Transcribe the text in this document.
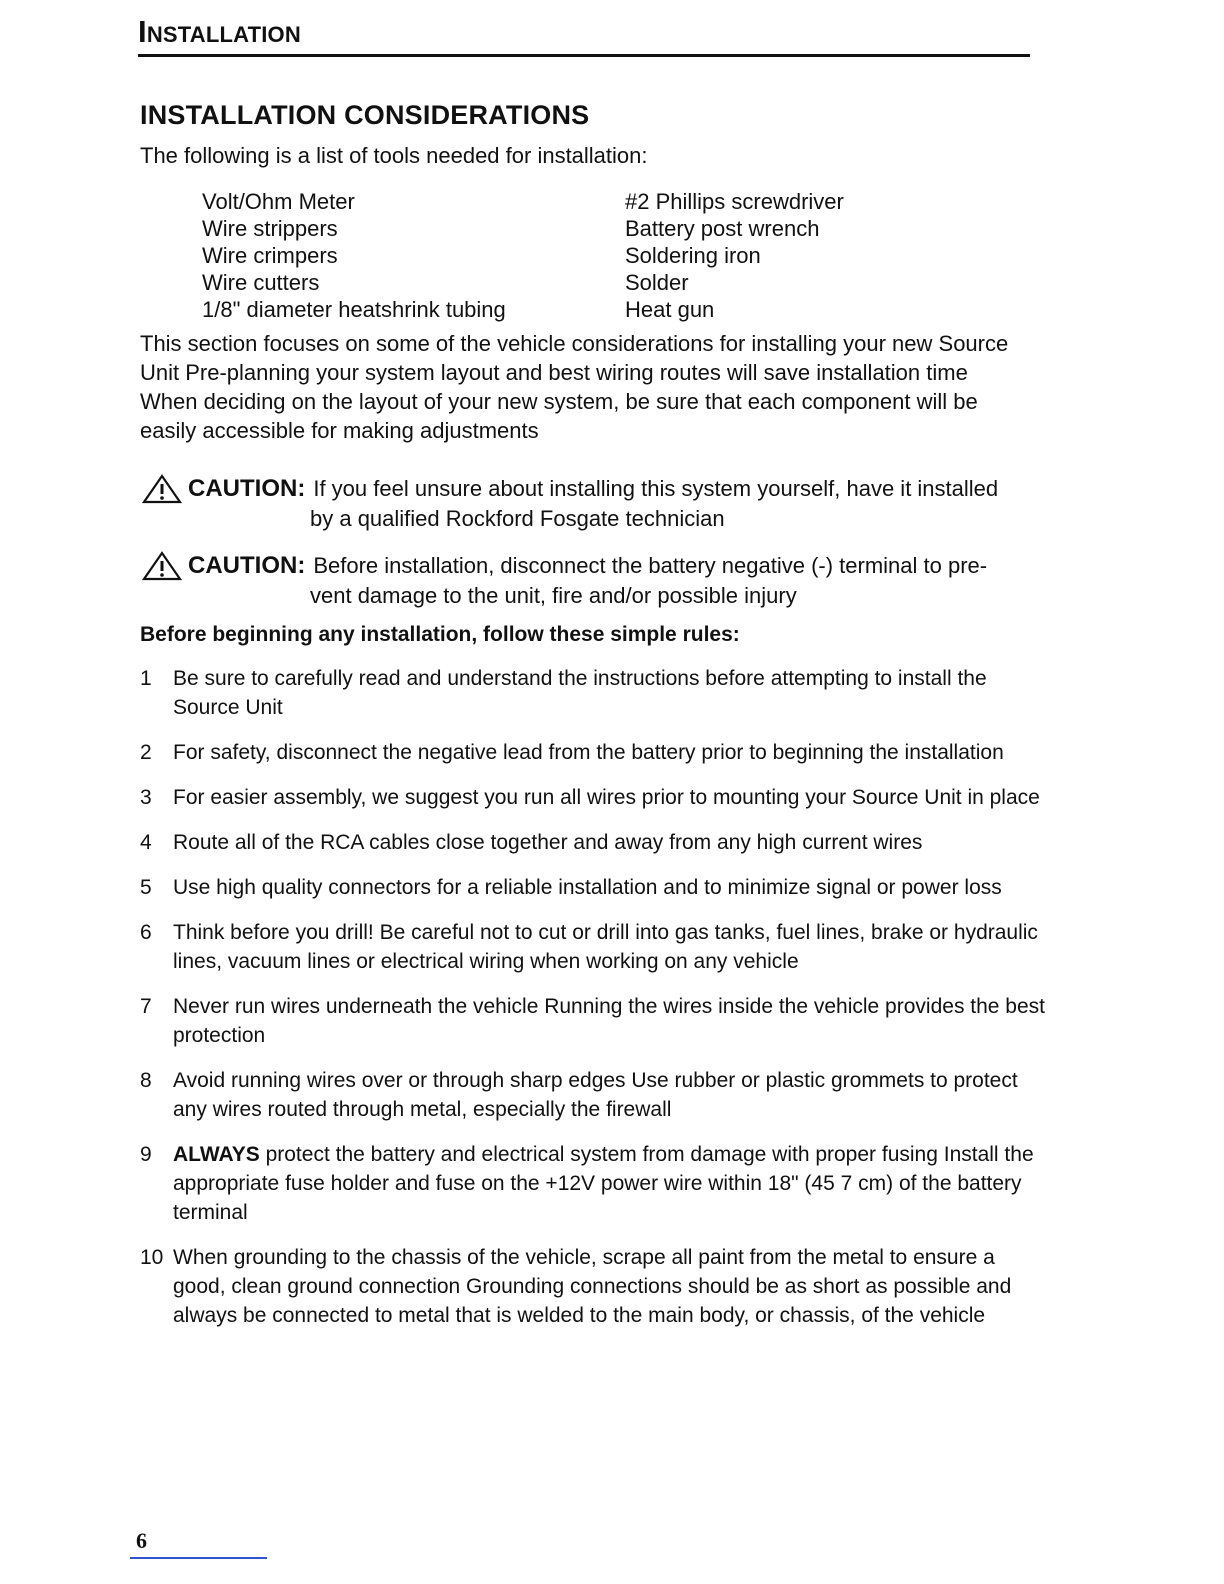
Installation
INSTALLATION CONSIDERATIONS
The following is a list of tools needed for installation:
Volt/Ohm Meter	#2 Phillips screwdriver
Wire strippers	Battery post wrench
Wire crimpers	Soldering iron
Wire cutters	Solder
1/8" diameter heatshrink tubing	Heat gun
This section focuses on some of the vehicle considerations for installing your new Source
Unit Pre-planning your system layout and best wiring routes will save installation time
When deciding on the layout of your new system, be sure that each component will be
easily accessible for making adjustments
CAUTION: If you feel unsure about installing this system yourself, have it installed
by a qualified Rockford Fosgate technician
CAUTION: Before installation, disconnect the battery negative (-) terminal to pre-
vent damage to the unit, fire and/or possible injury
Before beginning any installation, follow these simple rules:
1	Be sure to carefully read and understand the instructions before attempting to install the Source Unit
2	For safety, disconnect the negative lead from the battery prior to beginning the installation
3	For easier assembly, we suggest you run all wires prior to mounting your Source Unit in place
4	Route all of the RCA cables close together and away from any high current wires
5	Use high quality connectors for a reliable installation and to minimize signal or power loss
6	Think before you drill! Be careful not to cut or drill into gas tanks, fuel lines, brake or hydraulic lines, vacuum lines or electrical wiring when working on any vehicle
7	Never run wires underneath the vehicle Running the wires inside the vehicle provides the best protection
8	Avoid running wires over or through sharp edges Use rubber or plastic grommets to protect any wires routed through metal, especially the firewall
9	ALWAYS protect the battery and electrical system from damage with proper fusing Install the appropriate fuse holder and fuse on the +12V power wire within 18" (45 7 cm) of the battery terminal
10 When grounding to the chassis of the vehicle, scrape all paint from the metal to ensure a good, clean ground connection Grounding connections should be as short as possible and always be connected to metal that is welded to the main body, or chassis, of the vehicle
6
